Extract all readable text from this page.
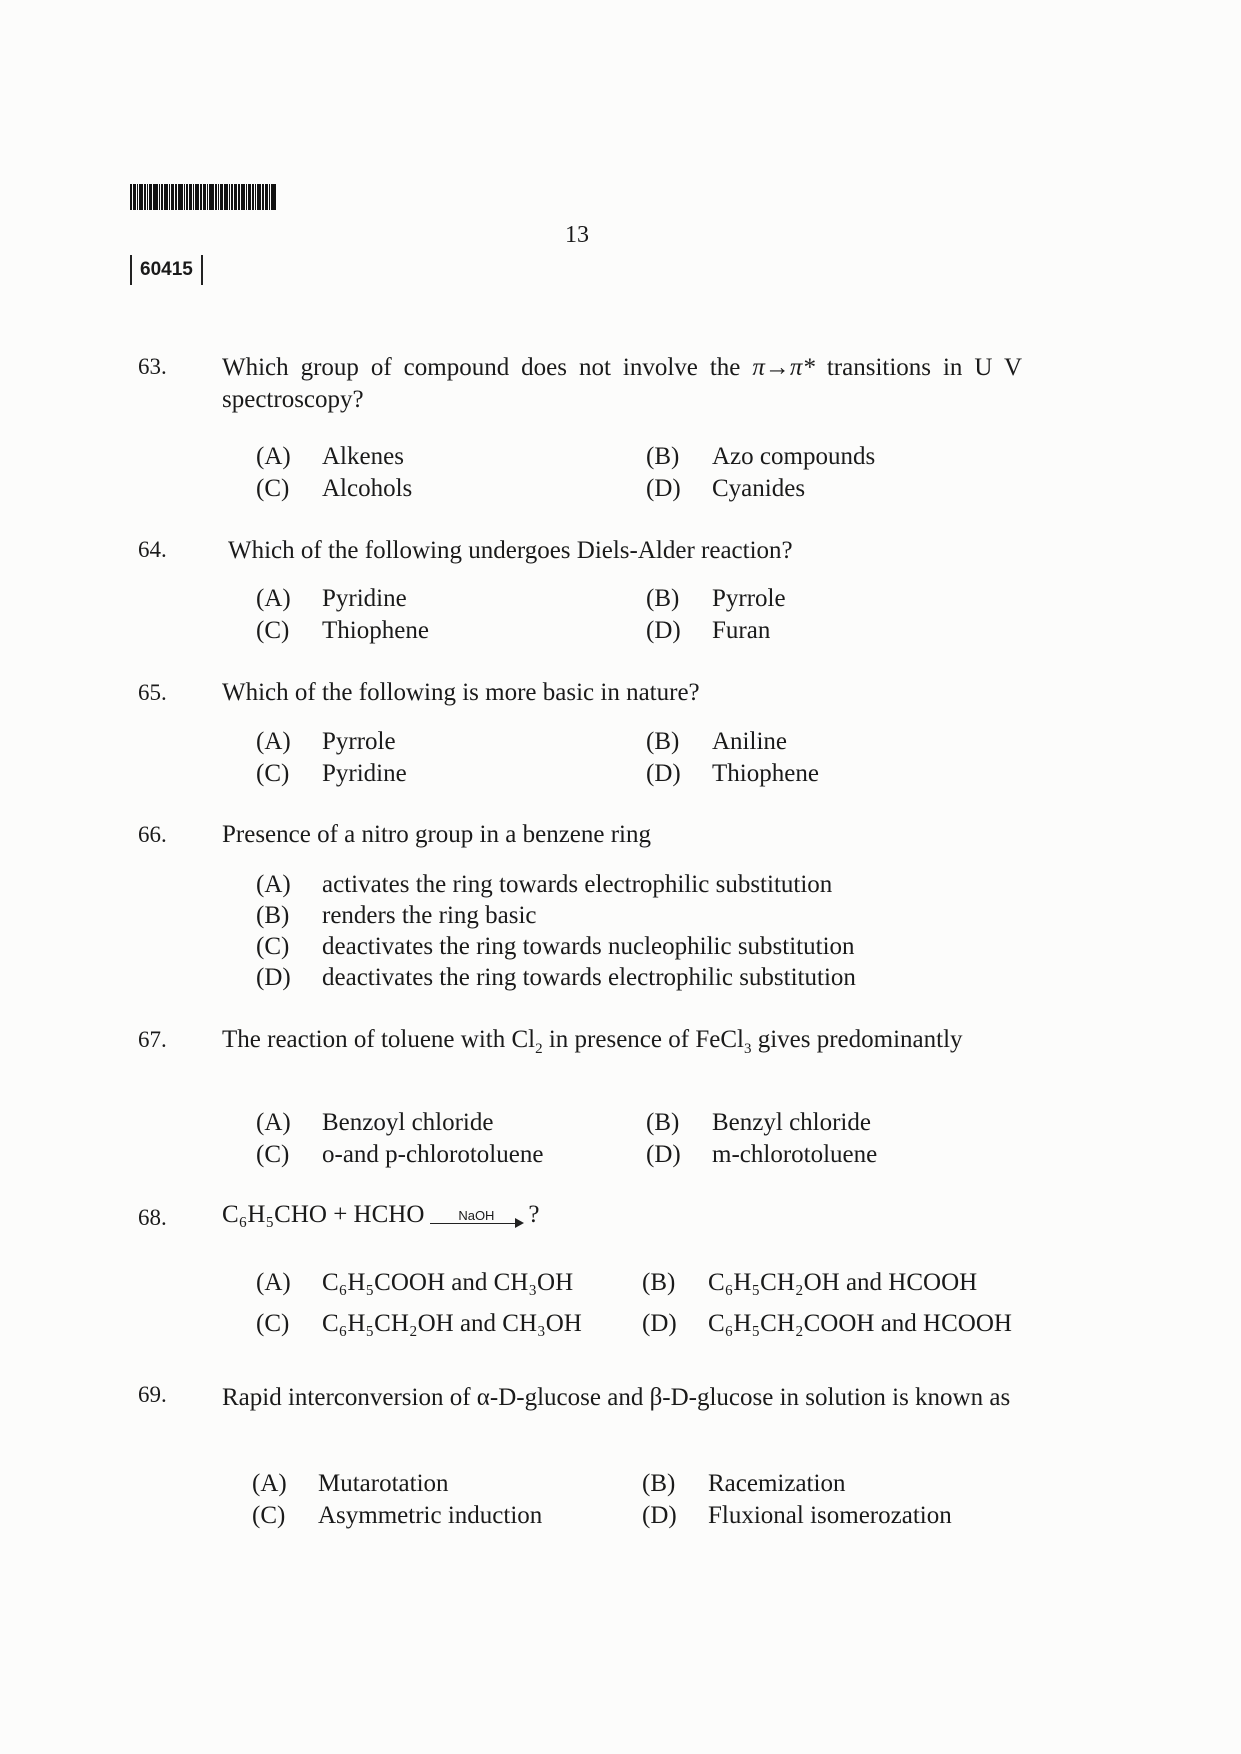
13
60415
63. Which group of compound does not involve the π→π* transitions in U V spectroscopy?
(A)	Alkenes	(B)	Azo compounds
(C)	Alcohols	(D)	Cyanides
64. Which of the following undergoes Diels-Alder reaction?
(A)	Pyridine	(B)	Pyrrole
(C)	Thiophene	(D)	Furan
65. Which of the following is more basic in nature?
(A)	Pyrrole	(B)	Aniline
(C)	Pyridine	(D)	Thiophene
66. Presence of a nitro group in a benzene ring
(A)	activates the ring towards electrophilic substitution
(B)	renders the ring basic
(C)	deactivates the ring towards nucleophilic substitution
(D)	deactivates the ring towards electrophilic substitution
67. The reaction of toluene with $Cl_2$ in presence of FeCl$_3$ gives predominantly
(A)	Benzoyl chloride	(B)	Benzyl chloride
(C)	o-and p-chlorotoluene	(D)	m-chlorotoluene
68. C₆H₅CHO + HCHO	NaOH ?
(A)	C₆H₅COOH and CH₃OH	(B)	C₆H₅CH₂OH and HCOOH
(C)	C₆H₅CH₂OH and CH₃OH (D)	C₆H₅CH₂COOH and HCOOH
69. Rapid interconversion of α-D-glucose and β-D-glucose in solution is known as
(A)	Mutarotation	(B)	Racemization
(C)	Asymmetric induction	(D)	Fluxional isomerozation
